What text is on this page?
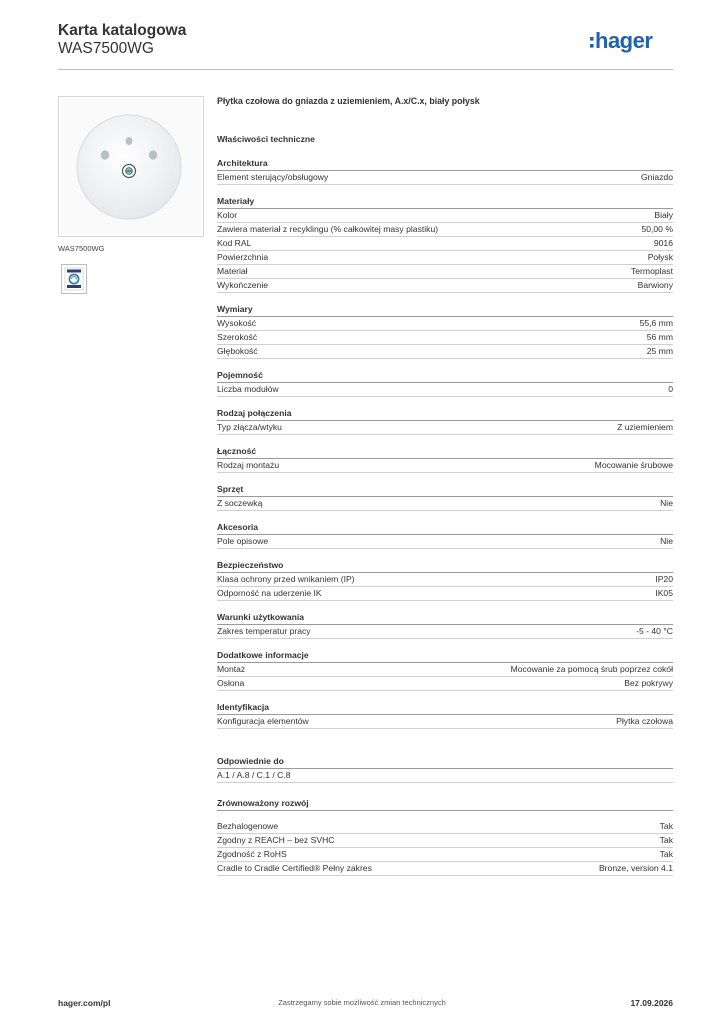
Karta katalogowa
WAS7500WG	hager
WAS7500WG
Płytka czołowa do gniazda z uziemieniem, A.x/C.x, biały połysk
Właściwości techniczne
Architektura
Element sterujący/obsługowy	Gniazdo
Materiały
Kolor	Biały
Zawiera materiał z recyklingu (% całkowitej masy plastiku)	50,00 %
Kod RAL	9016
Powierzchnia	Połysk
Materiał	Termoplast
Wykończenie	Barwiony
Wymiary
Wysokość	55,6 mm
Szerokość	56 mm
Głębokość	25 mm
Pojemność
Liczba modułów	0
Rodzaj połączenia
Typ złącza/wtyku	Z uziemieniem
Łączność
Rodzaj montażu	Mocowanie śrubowe
Sprzęt
Z soczewką	Nie
Akcesoria
Pole opisowe	Nie
Bezpieczeństwo
Klasa ochrony przed wnikaniem (IP)	IP20
Odporność na uderzenie IK	IK05
Warunki użytkowania
Zakres temperatur pracy	-5 - 40 °C
Dodatkowe informacje
Montaż	Mocowanie za pomocą śrub poprzez cokół
Osłona	Bez pokrywy
Identyfikacja
Konfiguracja elementów	Płytka czołowa
Odpowiednie do
A.1 / A.8 / C.1 / C.8
Zrównoważony rozwój
Bezhalogenowe	Tak
Zgodny z REACH – bez SVHC	Tak
Zgodność z RoHS	Tak
Cradle to Cradle Certified® Pełny zakres	Bronze, version 4.1
hager.com/pl	Zastrzegamy sobie możliwość zmian technicznych	17.09.2026
